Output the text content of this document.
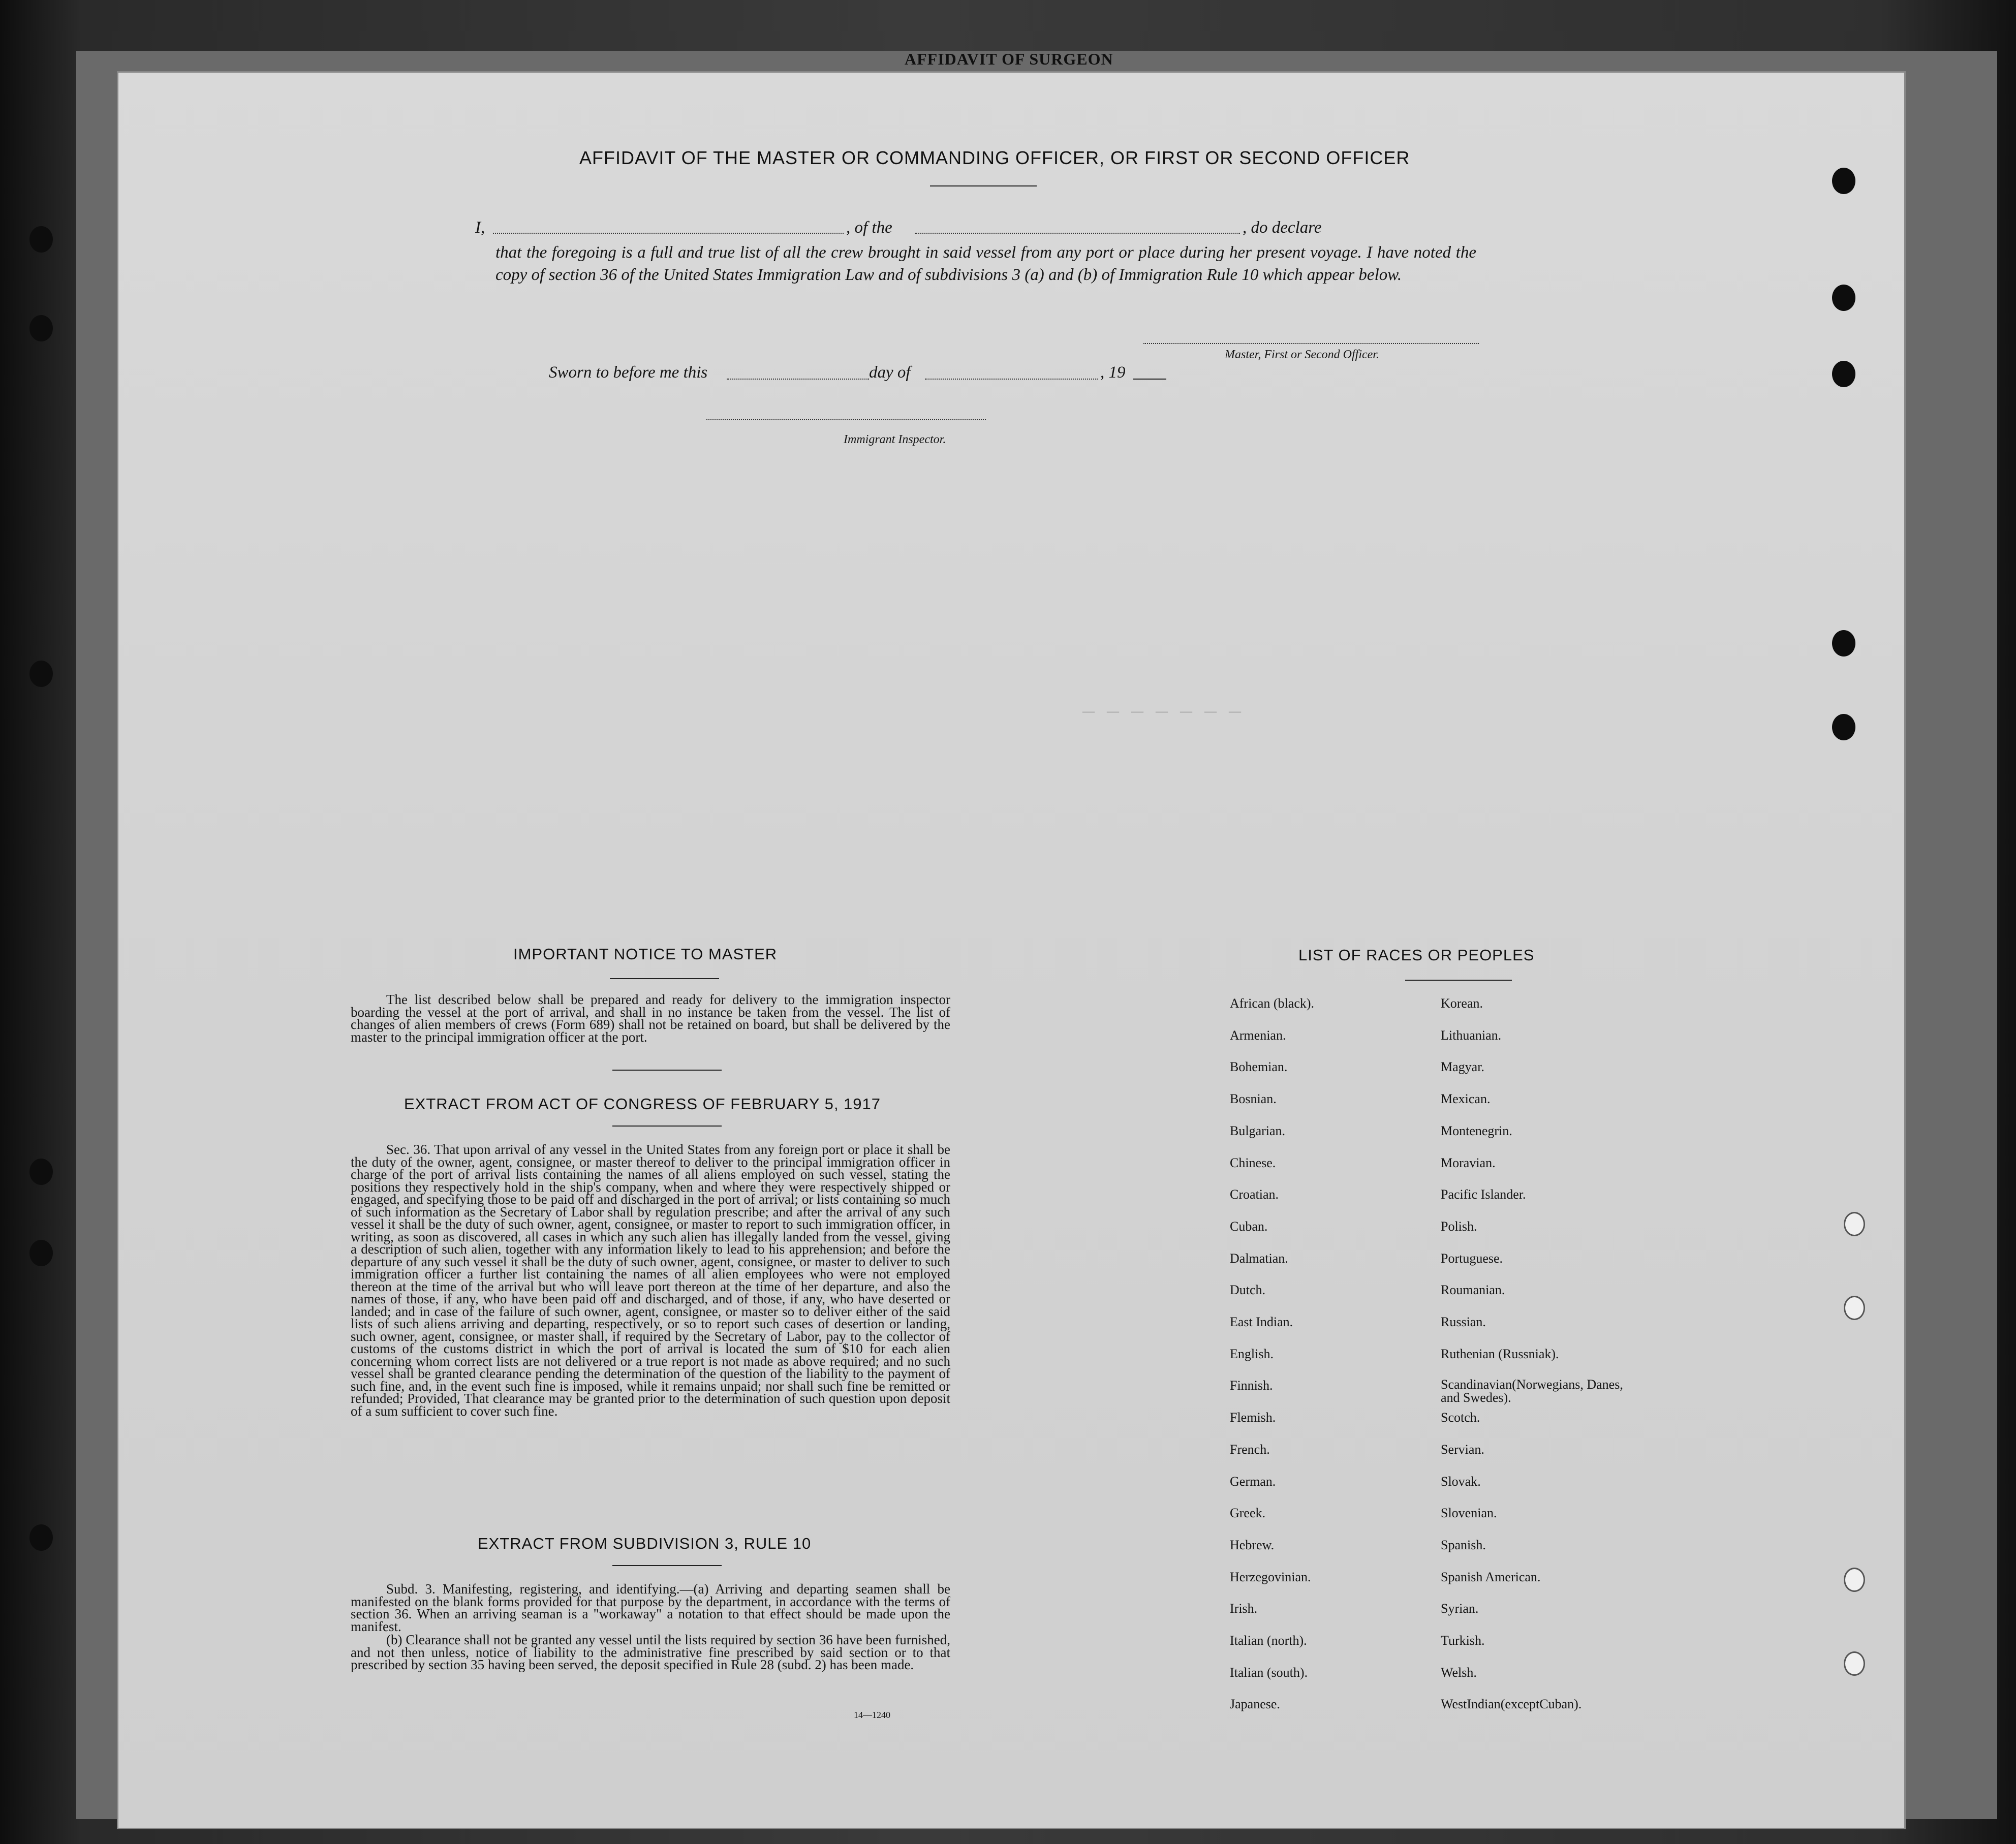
AFFIDAVIT OF SURGEON
— — — — — — —
AFFIDAVIT OF THE MASTER OR COMMANDING OFFICER, OR FIRST OR SECOND OFFICER
I,	, of the	, do declare
that the foregoing is a full and true list of all the crew brought in said vessel from any port or place during her present voyage. I have noted the copy of section 36 of the United States Immigration Law and of subdivisions 3 (a) and (b) of Immigration Rule 10 which appear below.
Master, First or Second Officer.
Sworn to before me this	day of	, 19
Immigrant Inspector.
IMPORTANT NOTICE TO MASTER
The list described below shall be prepared and ready for delivery to the immigration inspector boarding the vessel at the port of arrival, and shall in no instance be taken from the vessel. The list of changes of alien members of crews (Form 689) shall not be retained on board, but shall be delivered by the master to the principal immigration officer at the port.
EXTRACT FROM ACT OF CONGRESS OF FEBRUARY 5, 1917
Sec. 36. That upon arrival of any vessel in the United States from any foreign port or place it shall be the duty of the owner, agent, consignee, or master thereof to deliver to the principal immigration officer in charge of the port of arrival lists containing the names of all aliens employed on such vessel, stating the positions they respectively hold in the ship's company, when and where they were respectively shipped or engaged, and specifying those to be paid off and discharged in the port of arrival; or lists containing so much of such information as the Secretary of Labor shall by regulation prescribe; and after the arrival of any such vessel it shall be the duty of such owner, agent, consignee, or master to report to such immigration officer, in writing, as soon as discovered, all cases in which any such alien has illegally landed from the vessel, giving a description of such alien, together with any information likely to lead to his apprehension; and before the departure of any such vessel it shall be the duty of such owner, agent, consignee, or master to deliver to such immigration officer a further list containing the names of all alien employees who were not employed thereon at the time of the arrival but who will leave port thereon at the time of her departure, and also the names of those, if any, who have been paid off and discharged, and of those, if any, who have deserted or landed; and in case of the failure of such owner, agent, consignee, or master so to deliver either of the said lists of such aliens arriving and departing, respectively, or so to report such cases of desertion or landing, such owner, agent, consignee, or master shall, if required by the Secretary of Labor, pay to the collector of customs of the customs district in which the port of arrival is located the sum of $10 for each alien concerning whom correct lists are not delivered or a true report is not made as above required; and no such vessel shall be granted clearance pending the determination of the question of the liability to the payment of such fine, and, in the event such fine is imposed, while it remains unpaid; nor shall such fine be remitted or refunded; Provided, That clearance may be granted prior to the determination of such question upon deposit of a sum sufficient to cover such fine.
EXTRACT FROM SUBDIVISION 3, RULE 10
Subd. 3. Manifesting, registering, and identifying.—(a) Arriving and departing seamen shall be manifested on the blank forms provided for that purpose by the department, in accordance with the terms of section 36. When an arriving seaman is a "workaway" a notation to that effect should be made upon the manifest.
(b) Clearance shall not be granted any vessel until the lists required by section 36 have been furnished, and not then unless, notice of liability to the administrative fine prescribed by said section or to that prescribed by section 35 having been served, the deposit specified in Rule 28 (subd. 2) has been made.
14—1240
LIST OF RACES OR PEOPLES
African (black).
Armenian.
Bohemian.
Bosnian.
Bulgarian.
Chinese.
Croatian.
Cuban.
Dalmatian.
Dutch.
East Indian.
English.
Finnish.
Flemish.
French.
German.
Greek.
Hebrew.
Herzegovinian.
Irish.
Italian (north).
Italian (south).
Japanese.
Korean.
Lithuanian.
Magyar.
Mexican.
Montenegrin.
Moravian.
Pacific Islander.
Polish.
Portuguese.
Roumanian.
Russian.
Ruthenian (Russniak).
Scandinavian(Norwegians, Danes, and Swedes).
Scotch.
Servian.
Slovak.
Slovenian.
Spanish.
Spanish American.
Syrian.
Turkish.
Welsh.
WestIndian(exceptCuban).
